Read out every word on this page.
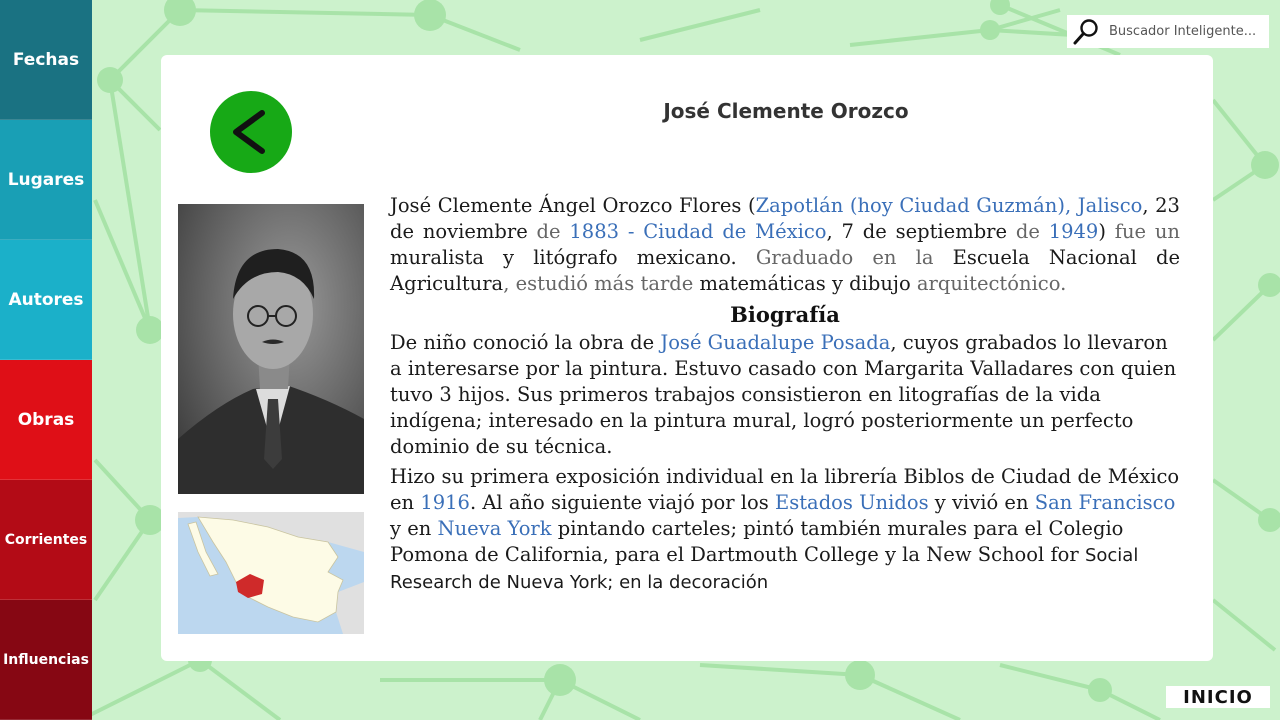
Fechas
Lugares
Autores
Obras
Corrientes
Influencias
Buscador Inteligente...
José Clemente Orozco

José Clemente Ángel Orozco Flores (Zapotlán (hoy Ciudad Guzmán), Jalisco, 23 de noviembre de 1883 - Ciudad de México, 7 de septiembre de 1949) fue un muralista y litógrafo mexicano. Graduado en la Escuela Nacional de Agricultura, estudió más tarde matemáticas y dibujo arquitectónico.

Biografía

De niño conoció la obra de José Guadalupe Posada, cuyos grabados lo llevaron a interesarse por la pintura. Estuvo casado con Margarita Valladares con quien tuvo 3 hijos. Sus primeros trabajos consistieron en litografías de la vida indígena; interesado en la pintura mural, logró posteriormente un perfecto dominio de su técnica.

Hizo su primera exposición individual en la librería Biblos de Ciudad de México en 1916. Al año siguiente viajó por los Estados Unidos y vivió en San Francisco y en Nueva York pintando carteles; pintó también murales para el Colegio Pomona de California, para el Dartmouth College y la New School for Social Research de Nueva York; en la decoración

INICIO
